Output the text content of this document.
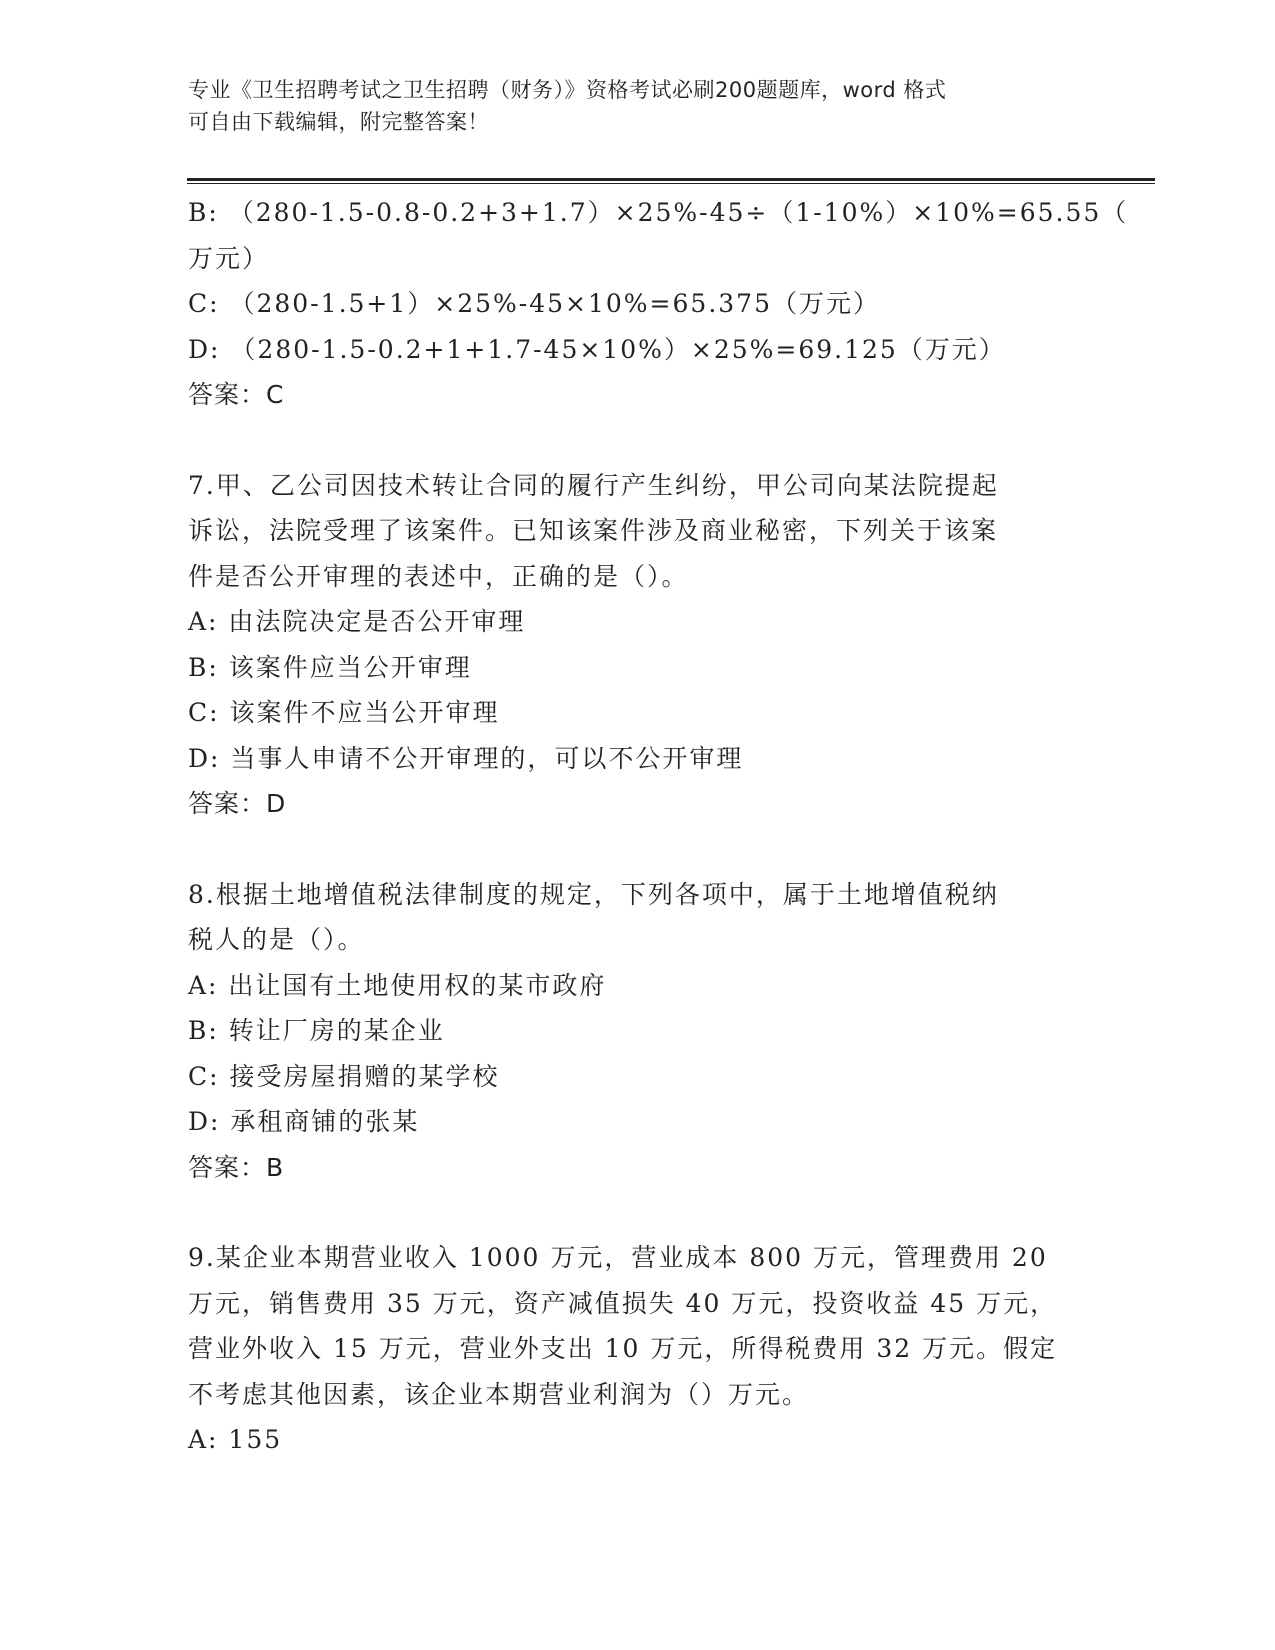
专业《卫生招聘考试之卫生招聘（财务）》资格考试必刷200题题库，word 格式
可自由下载编辑，附完整答案！
B: （280-1.5-0.8-0.2+3+1.7）×25%-45÷（1-10%）×10%=65.55（
万元）
C: （280-1.5+1）×25%-45×10%=65.375（万元）
D: （280-1.5-0.2+1+1.7-45×10%）×25%=69.125（万元）
答案：C
7.甲、乙公司因技术转让合同的履行产生纠纷，甲公司向某法院提起
诉讼，法院受理了该案件。已知该案件涉及商业秘密，下列关于该案
件是否公开审理的表述中，正确的是（）。
A: 由法院决定是否公开审理
B: 该案件应当公开审理
C: 该案件不应当公开审理
D: 当事人申请不公开审理的，可以不公开审理
答案：D
8.根据土地增值税法律制度的规定，下列各项中，属于土地增值税纳
税人的是（）。
A: 出让国有土地使用权的某市政府
B: 转让厂房的某企业
C: 接受房屋捐赠的某学校
D: 承租商铺的张某
答案：B
9.某企业本期营业收入 1000 万元，营业成本 800 万元，管理费用 20
万元，销售费用 35 万元，资产减值损失 40 万元，投资收益 45 万元，
营业外收入 15 万元，营业外支出 10 万元，所得税费用 32 万元。假定
不考虑其他因素，该企业本期营业利润为（）万元。
A: 155
